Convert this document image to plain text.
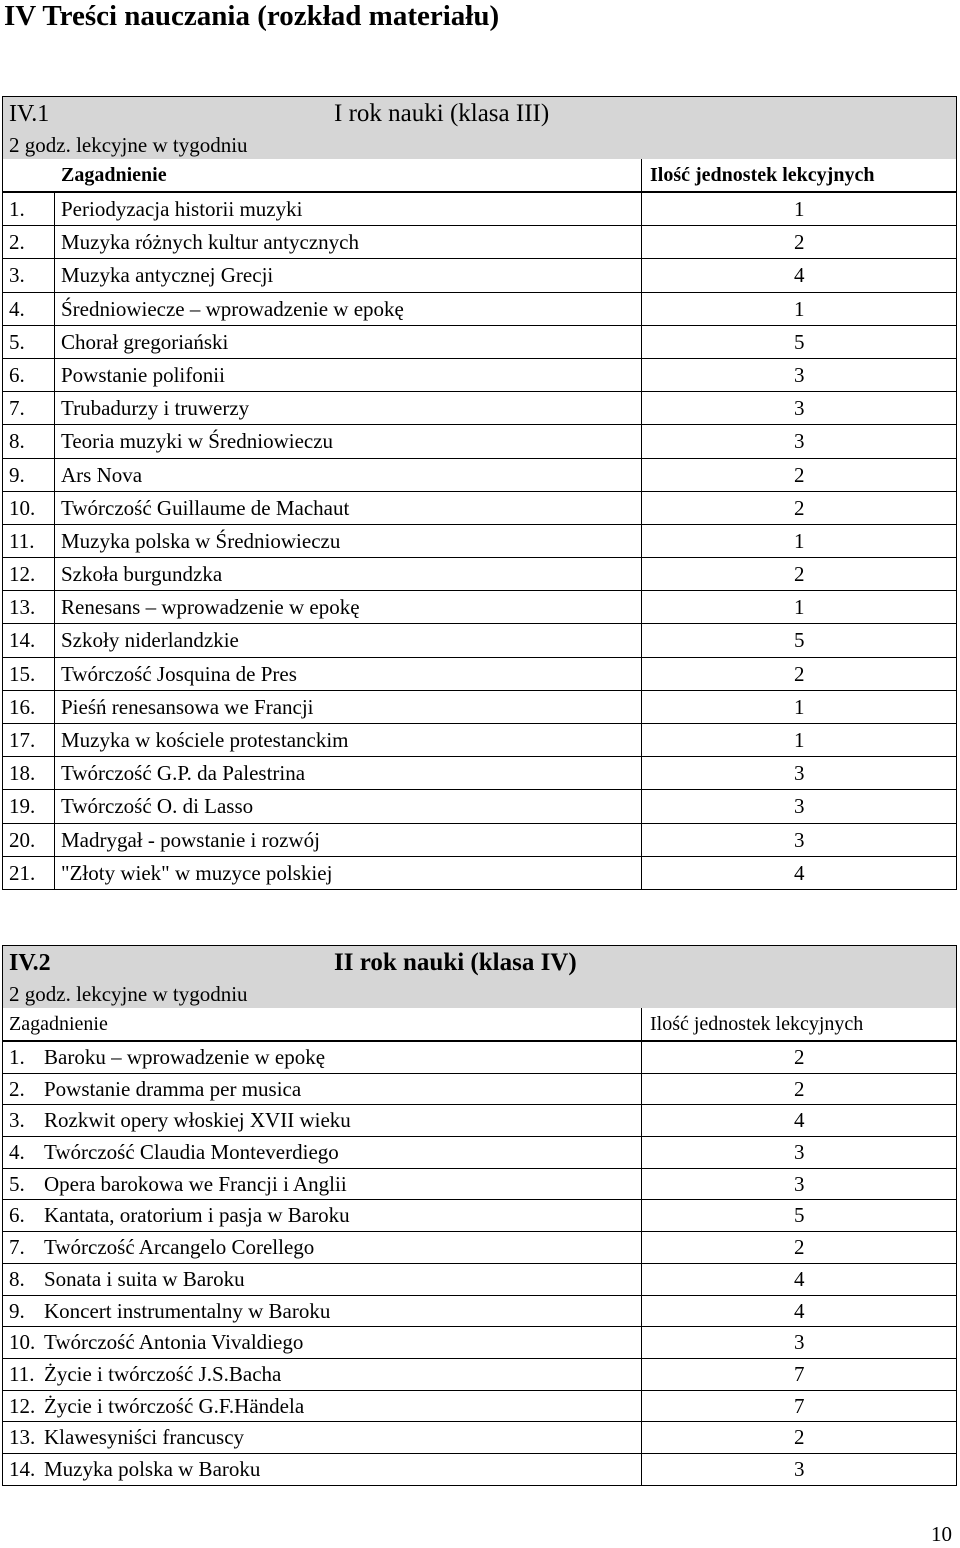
IV Treści nauczania (rozkład materiału)
IV.1	I rok nauki (klasa III)
2 godz. lekcyjne w tygodniu
Zagadnienie	Ilość jednostek lekcyjnych
1.	Periodyzacja historii muzyki	1
2.	Muzyka różnych kultur antycznych	2
3.	Muzyka antycznej Grecji	4
4.	Średniowiecze – wprowadzenie w epokę	1
5.	Chorał gregoriański	5
6.	Powstanie polifonii	3
7.	Trubadurzy i truwerzy	3
8.	Teoria muzyki w Średniowieczu	3
9.	Ars Nova	2
10.	Twórczość Guillaume de Machaut	2
11.	Muzyka polska w Średniowieczu	1
12.	Szkoła burgundzka	2
13.	Renesans – wprowadzenie w epokę	1
14.	Szkoły niderlandzkie	5
15.	Twórczość Josquina de Pres	2
16.	Pieśń renesansowa we Francji	1
17.	Muzyka w kościele protestanckim	1
18.	Twórczość G.P. da Palestrina	3
19.	Twórczość O. di Lasso	3
20.	Madrygał - powstanie i rozwój	3
21.	"Złoty wiek" w muzyce polskiej	4
IV.2	II rok nauki (klasa IV)
2 godz. lekcyjne w tygodniu
Zagadnienie	Ilość jednostek lekcyjnych
1. Baroku – wprowadzenie w epokę	2
2. Powstanie dramma per musica	2
3. Rozkwit opery włoskiej XVII wieku	4
4. Twórczość Claudia Monteverdiego	3
5. Opera barokowa we Francji i Anglii	3
6. Kantata, oratorium i pasja w Baroku	5
7. Twórczość Arcangelo Corellego	2
8. Sonata i suita w Baroku	4
9. Koncert instrumentalny w Baroku	4
10. Twórczość Antonia Vivaldiego	3
11. Życie i twórczość J.S.Bacha	7
12. Życie i twórczość G.F.Händela	7
13. Klawesyniści francuscy	2
14. Muzyka polska w Baroku	3
10
